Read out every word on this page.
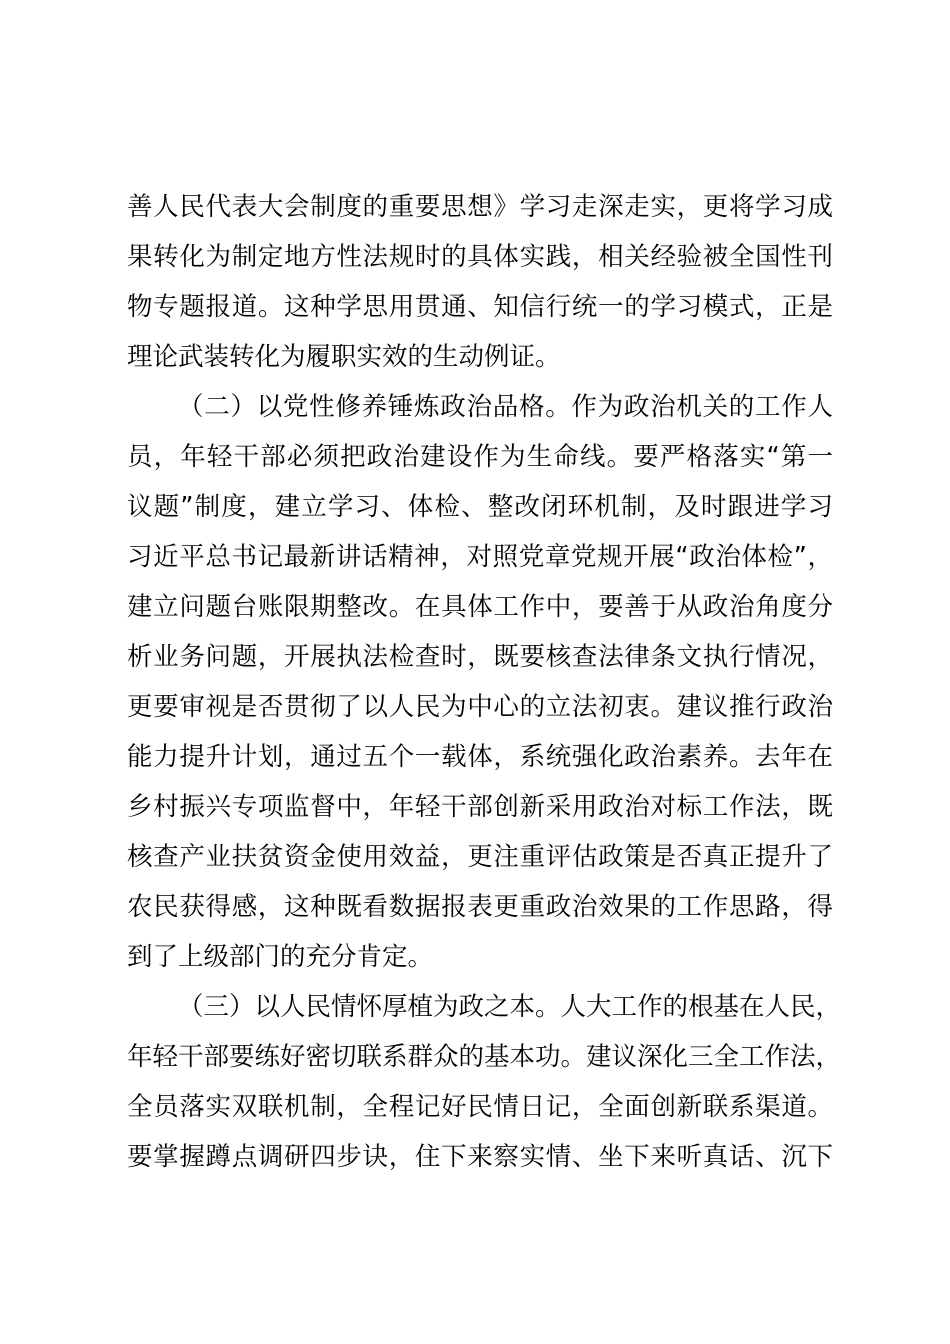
善人民代表大会制度的重要思想》学习走深走实，更将学习成
果转化为制定地方性法规时的具体实践，相关经验被全国性刊
物专题报道。这种学思用贯通、知信行统一的学习模式，正是
理论武装转化为履职实效的生动例证。
（二）以党性修养锤炼政治品格。作为政治机关的工作人
员，年轻干部必须把政治建设作为生命线。要严格落实“第一
议题”制度，建立学习、体检、整改闭环机制，及时跟进学习
习近平总书记最新讲话精神，对照党章党规开展“政治体检”，
建立问题台账限期整改。在具体工作中，要善于从政治角度分
析业务问题，开展执法检查时，既要核查法律条文执行情况，
更要审视是否贯彻了以人民为中心的立法初衷。建议推行政治
能力提升计划，通过五个一载体，系统强化政治素养。去年在
乡村振兴专项监督中，年轻干部创新采用政治对标工作法，既
核查产业扶贫资金使用效益，更注重评估政策是否真正提升了
农民获得感，这种既看数据报表更重政治效果的工作思路，得
到了上级部门的充分肯定。
（三）以人民情怀厚植为政之本。人大工作的根基在人民，
年轻干部要练好密切联系群众的基本功。建议深化三全工作法，
全员落实双联机制，全程记好民情日记，全面创新联系渠道。
要掌握蹲点调研四步诀，住下来察实情、坐下来听真话、沉下
